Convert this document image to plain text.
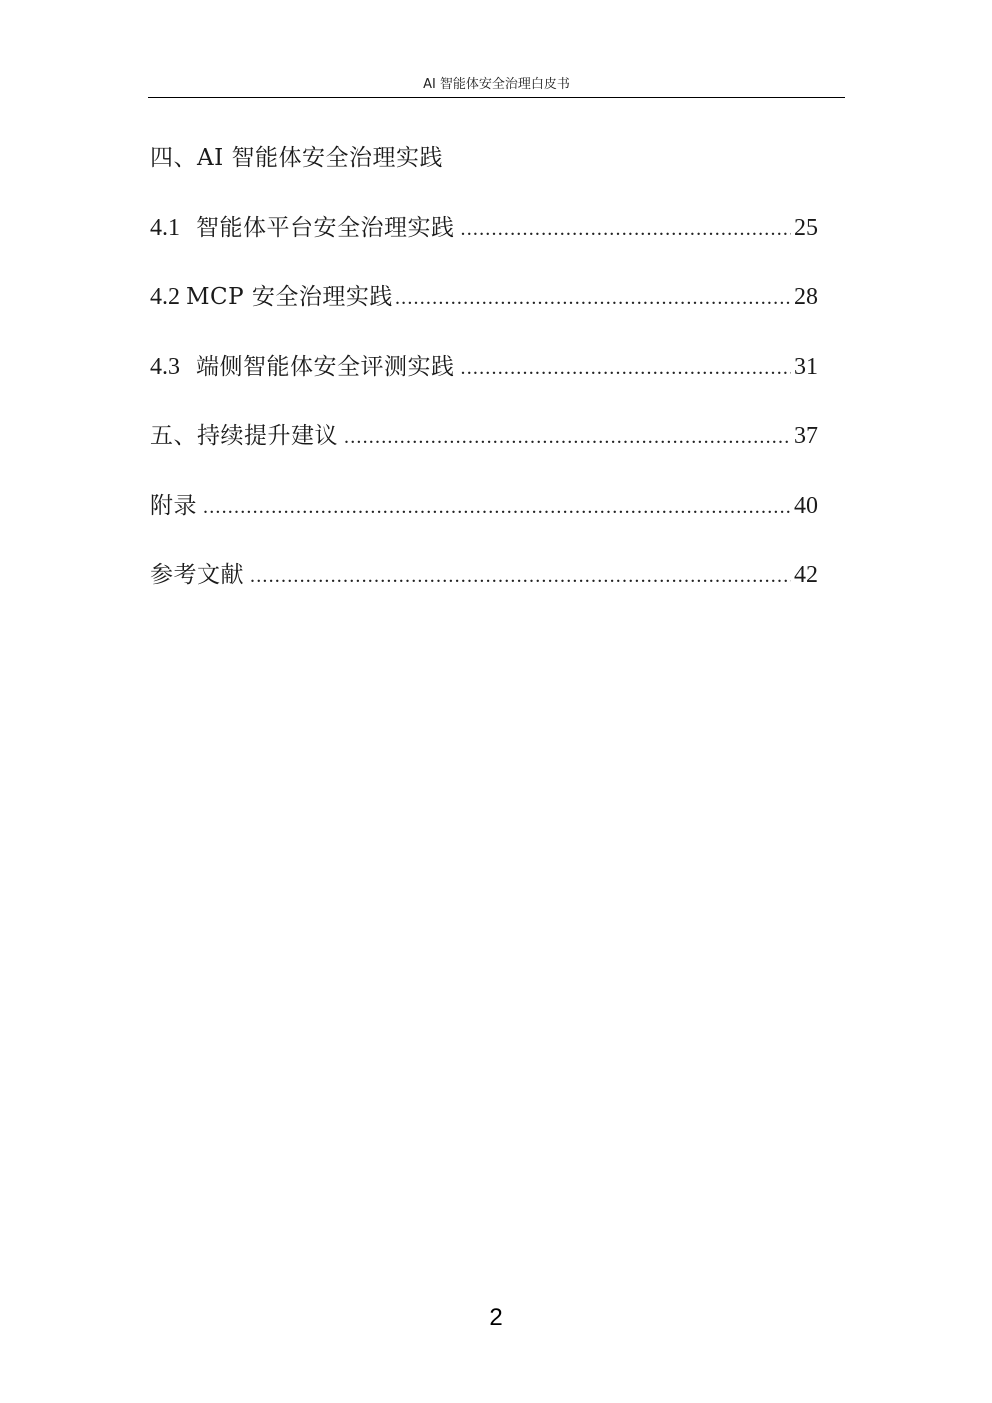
AI 智能体安全治理白皮书
四、AI 智能体安全治理实践
4.1 智能体平台安全治理实践 .....	25
4.2 MCP 安全治理实践 .....	28
4.3 端侧智能体安全评测实践 .....	31
五、持续提升建议 .....	37
附录 .....	40
参考文献 .....	42
2
